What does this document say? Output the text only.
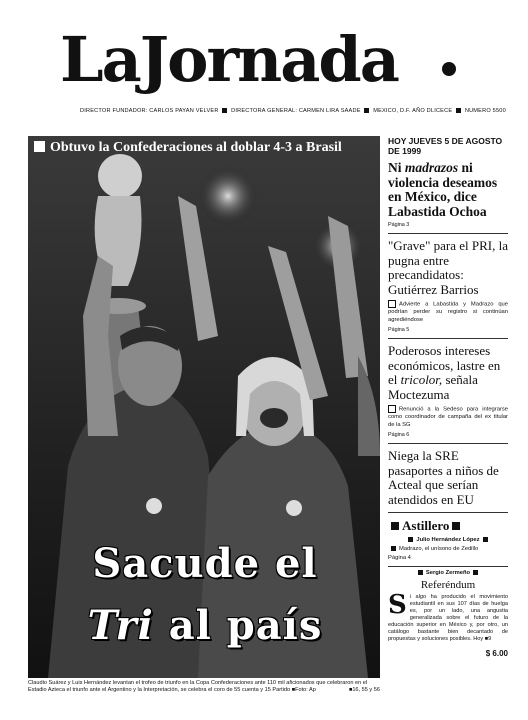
LaJornada
DIRECTOR FUNDADOR: CARLOS PAYAN VELVER DIRECTORA GENERAL: CARMEN LIRA SAADE MEXICO, D.F. AÑO DLICECE NUMERO 5500
Obtuvo la Confederaciones al doblar 4-3 a Brasil
Sacude el
Tri al país
Claudio Suárez y Luis Hernández levantan el trofeo de triunfo en la Copa Confederaciones ante 110 mil aficionados que celebraron en el Estadio Azteca el triunfo ante el Argentino y la Interpretación, se celebra el coro de 55 cuenta y 15 Partido ■Foto: Ap	■16, 55 y 56
HOY JUEVES 5 DE AGOSTO DE 1999
Ni madrazos ni violencia deseamos en México, dice Labastida Ochoa
Página 3
"Grave" para el PRI, la pugna entre precandidatos: Gutiérrez Barrios
Advierte a Labastida y Madrazo que podrían perder su registro si continúan agrediéndose
Página 5
Poderosos intereses económicos, lastre en el tricolor, señala Moctezuma
Renunció a la Sedeso para integrarse como coordinador de campaña del ex titular de la SG
Página 6
Niega la SRE pasaportes a niños de Acteal que serían atendidos en EU
Astillero
Julio Hernández López
Madrazo, el unísono de Zedillo
Página 4
Sergio Zermeño
Referéndum
Si algo ha producido el movimiento estudiantil en sus 107 días de huelga es, por un lado, una angustia generalizada sobre el futuro de la educación superior en México y, por otro, un catálogo bastante bien decantado de propuestas y soluciones posibles. Hoy ■9
$ 6.00
